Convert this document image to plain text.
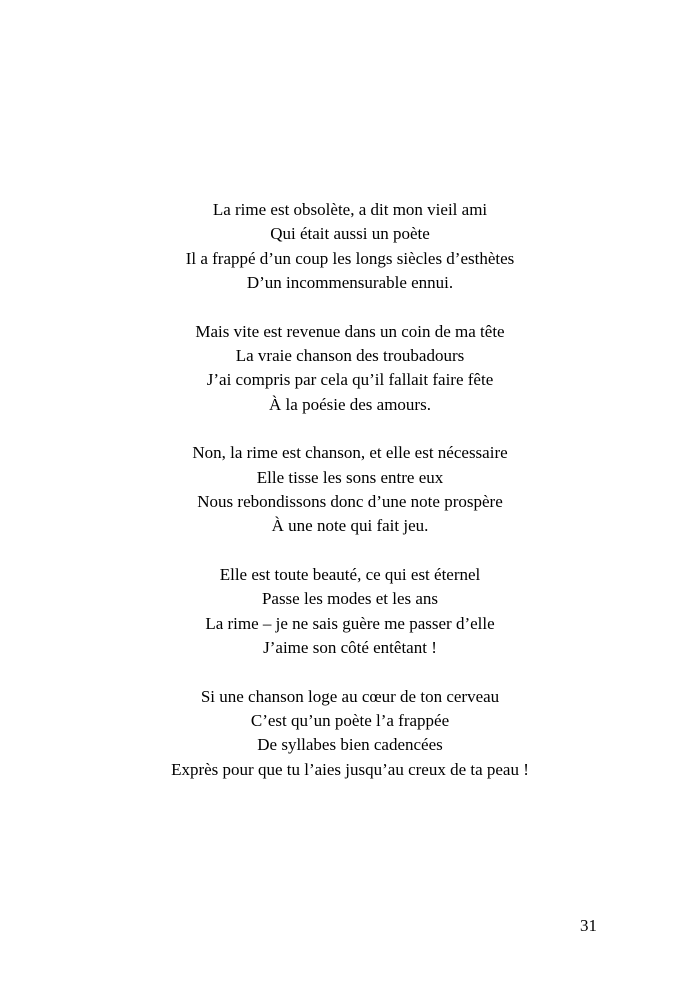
La rime est obsolète, a dit mon vieil ami
Qui était aussi un poète
Il a frappé d’un coup les longs siècles d’esthètes
D’un incommensurable ennui.
Mais vite est revenue dans un coin de ma tête
La vraie chanson des troubadours
J’ai compris par cela qu’il fallait faire fête
À la poésie des amours.
Non, la rime est chanson, et elle est nécessaire
Elle tisse les sons entre eux
Nous rebondissons donc d’une note prospère
À une note qui fait jeu.
Elle est toute beauté, ce qui est éternel
Passe les modes et les ans
La rime – je ne sais guère me passer d’elle
J’aime son côté entêtant !
Si une chanson loge au cœur de ton cerveau
C’est qu’un poète l’a frappée
De syllabes bien cadencées
Exprès pour que tu l’aies jusqu’au creux de ta peau !
31
